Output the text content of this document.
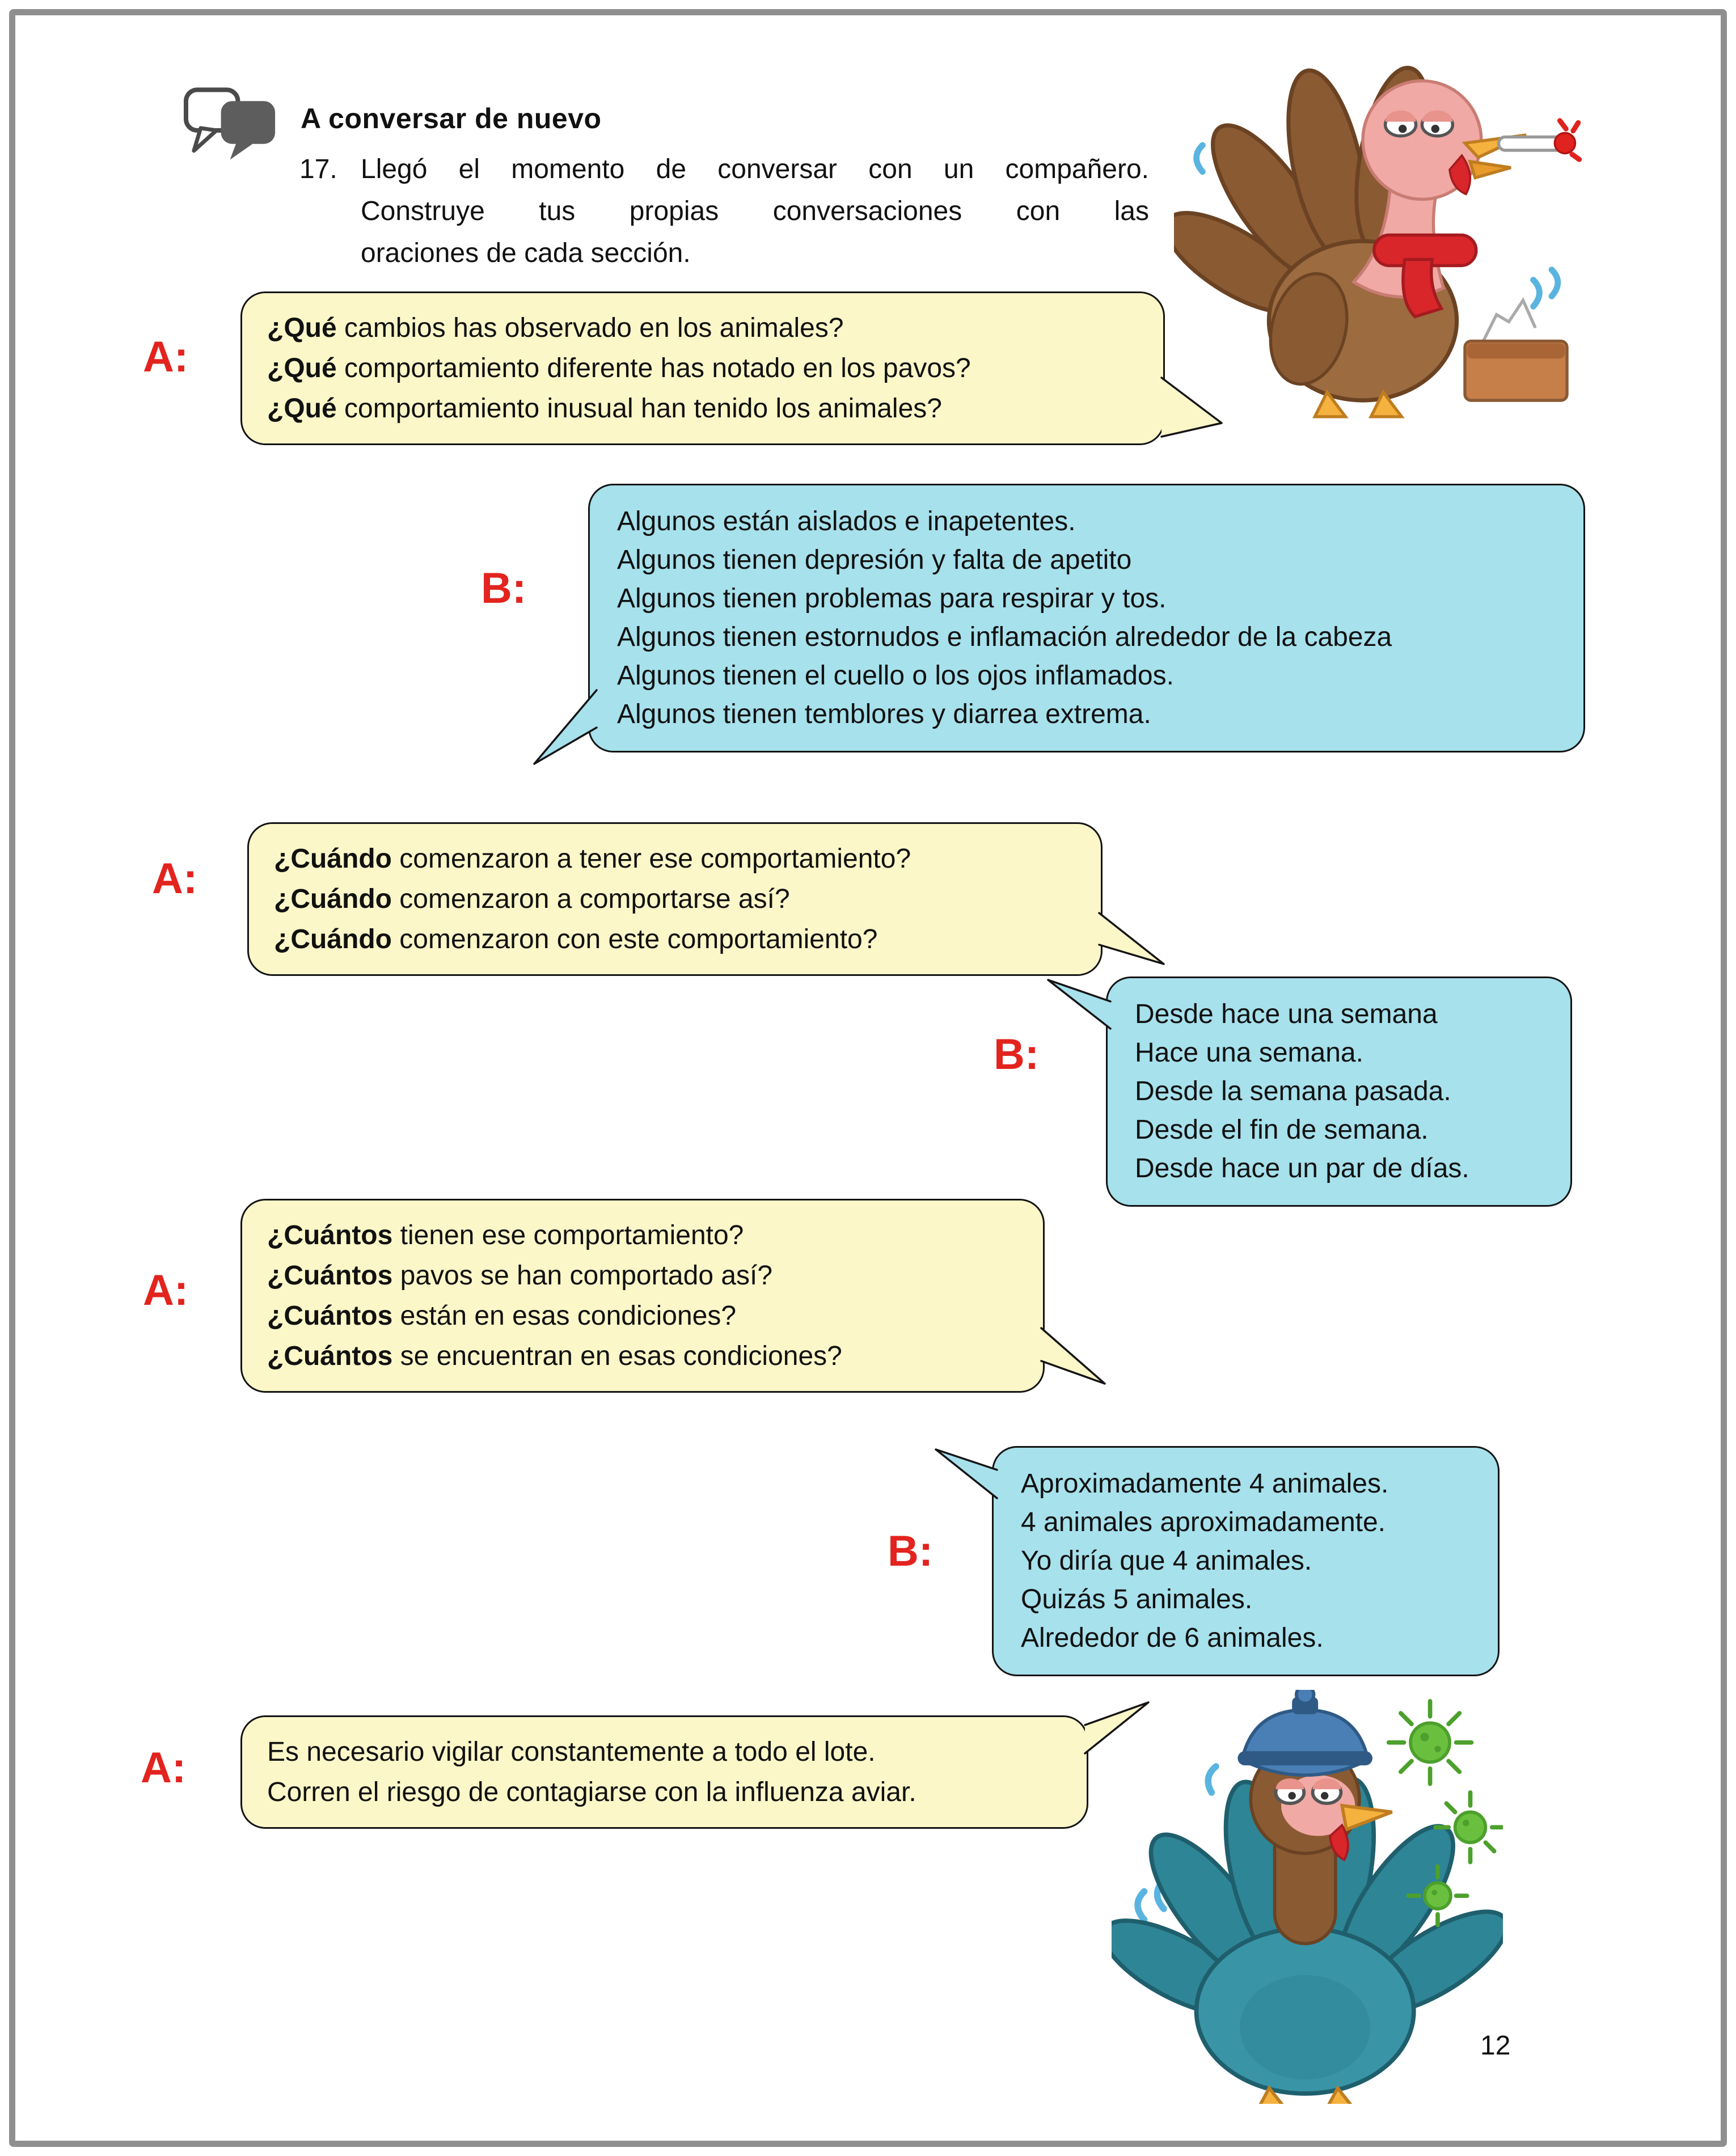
A conversar de nuevo
17. Llegó el momento de conversar con un compañero.
Construye tus propias conversaciones con las
oraciones de cada sección.
A:
¿Qué cambios has observado en los animales?
¿Qué comportamiento diferente has notado en los pavos?
¿Qué comportamiento inusual han tenido los animales?
B:
Algunos están aislados e inapetentes.
Algunos tienen depresión y falta de apetito
Algunos tienen problemas para respirar y tos.
Algunos tienen estornudos e inflamación alrededor de la cabeza
Algunos tienen el cuello o los ojos inflamados.
Algunos tienen temblores y diarrea extrema.
A:	¿Cuándo comenzaron a tener ese comportamiento?
¿Cuándo comenzaron a comportarse así?
¿Cuándo comenzaron con este comportamiento?
B:
Desde hace una semana
Hace una semana.
Desde la semana pasada.
Desde el fin de semana.
Desde hace un par de días.
A:
¿Cuántos tienen ese comportamiento?
¿Cuántos pavos se han comportado así?
¿Cuántos están en esas condiciones?
¿Cuántos se encuentran en esas condiciones?
B:
Aproximadamente 4 animales.
4 animales aproximadamente.
Yo diría que 4 animales.
Quizás 5 animales.
Alrededor de 6 animales.
A:	Es necesario vigilar constantemente a todo el lote.
Corren el riesgo de contagiarse con la influenza aviar.
12
